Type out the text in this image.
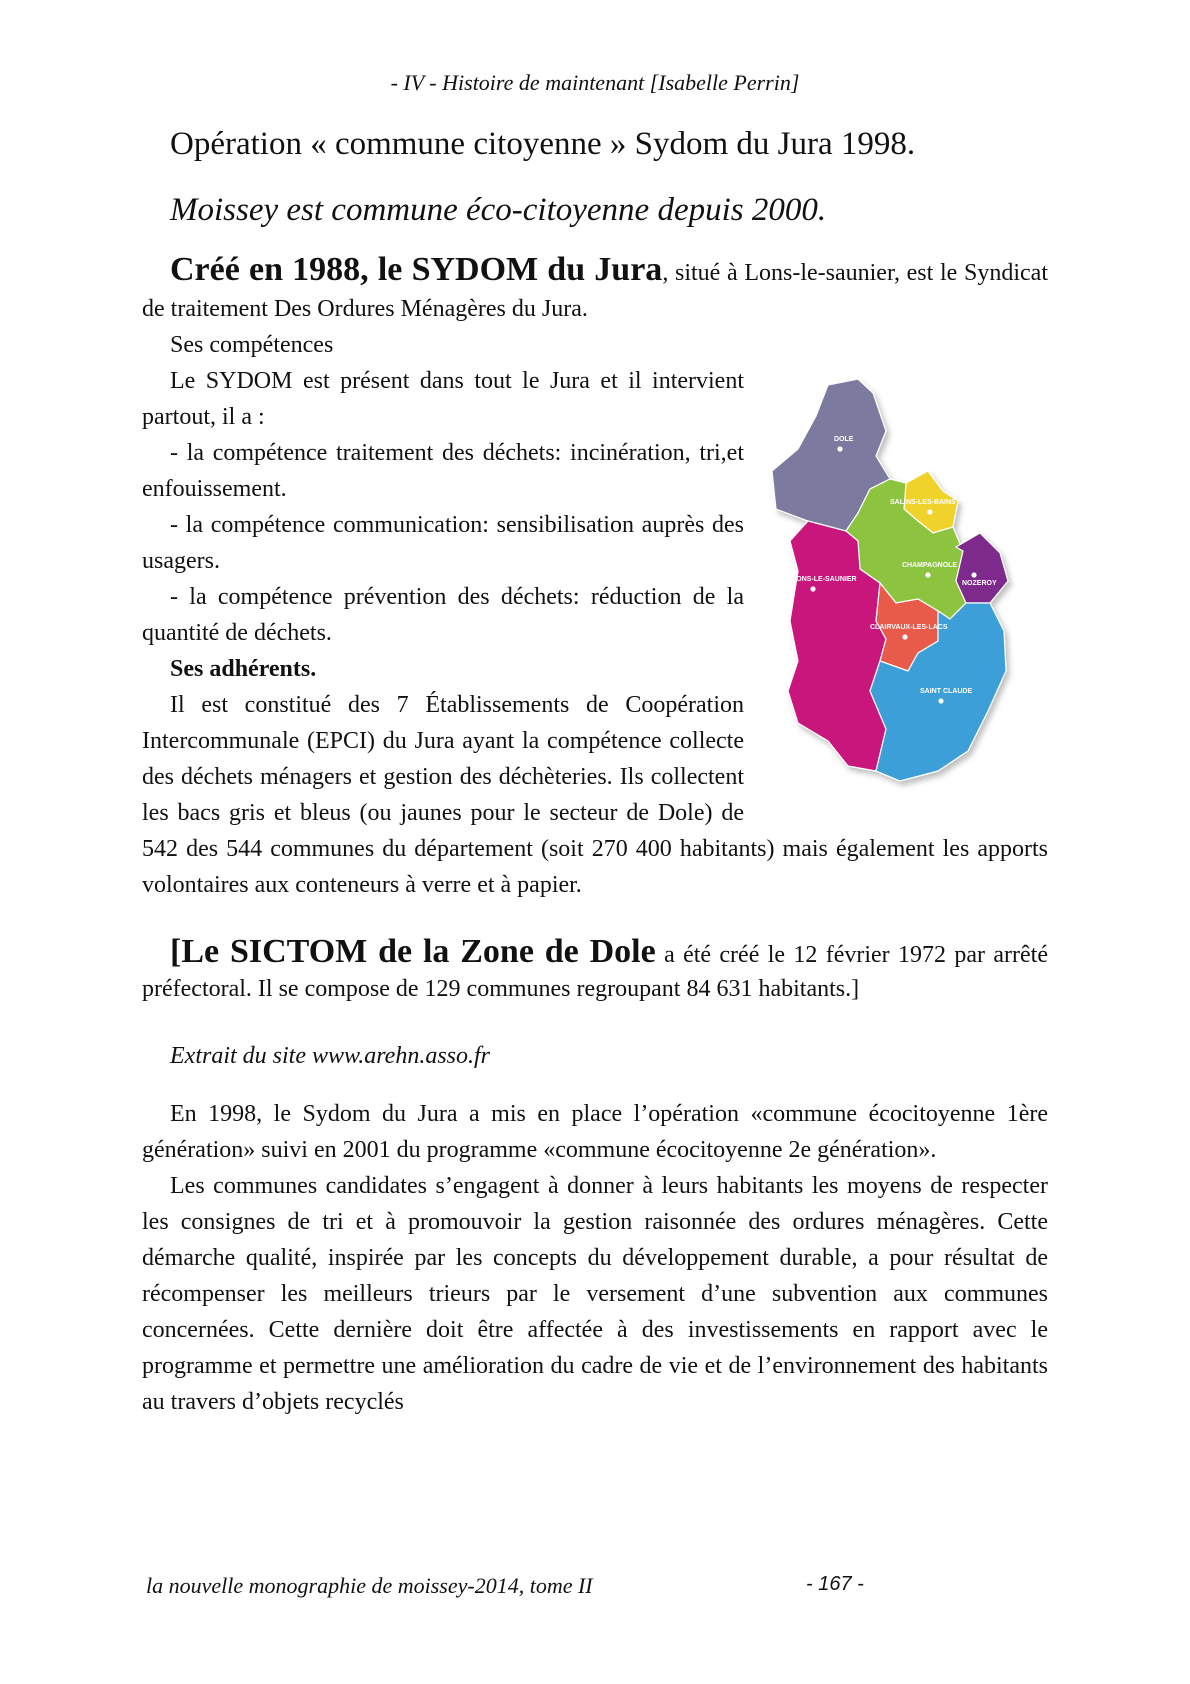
- IV - Histoire de maintenant [Isabelle Perrin]

Opération « commune citoyenne » Sydom du Jura 1998.

Moissey est commune éco-citoyenne depuis 2000.

Créé en 1988, le SYDOM du Jura, situé à Lons-le-saunier, est le Syndicat de traitement Des Ordures Ménagères du Jura.

Ses compétences

DOLE
SALINS-LES-BAINS
CHAMPAGNOLE
NOZEROY
LONS-LE-SAUNIER
CLAIRVAUX-LES-LACS
SAINT CLAUDE

Le SYDOM est présent dans tout le Jura et il intervient partout, il a :

- la compétence traitement des déchets: incinération, tri,et enfouissement.

- la compétence communication: sensibilisation auprès des usagers.

- la compétence prévention des déchets: réduction de la quantité de déchets.

Ses adhérents.

Il est constitué des 7 Établissements de Coopération Intercommunale (EPCI) du Jura ayant la compétence collecte des déchets ménagers et gestion des déchèteries. Ils collectent les bacs gris et bleus (ou jaunes pour le secteur de Dole) de 542 des 544 communes du département (soit 270 400 habitants) mais également les apports volontaires aux conteneurs à verre et à papier.

[Le SICTOM de la Zone de Dole a été créé le 12 février 1972 par arrêté préfectoral. Il se compose de 129 communes regroupant 84 631 habitants.]

Extrait du site www.arehn.asso.fr

En 1998, le Sydom du Jura a mis en place l’opération «commune écocitoyenne 1ère génération» suivi en 2001 du programme «commune écocitoyenne 2e génération».

Les communes candidates s’engagent à donner à leurs habitants les moyens de respecter les consignes de tri et à promouvoir la gestion raisonnée des ordures ménagères. Cette démarche qualité, inspirée par les concepts du développement durable, a pour résultat de récompenser les meilleurs trieurs par le versement d’une subvention aux communes concernées. Cette dernière doit être affectée à des investissements en rapport avec le programme et permettre une amélioration du cadre de vie et de l’environnement des habitants au travers d’objets recyclés

la nouvelle monographie de moissey-2014, tome II	- 167 -
